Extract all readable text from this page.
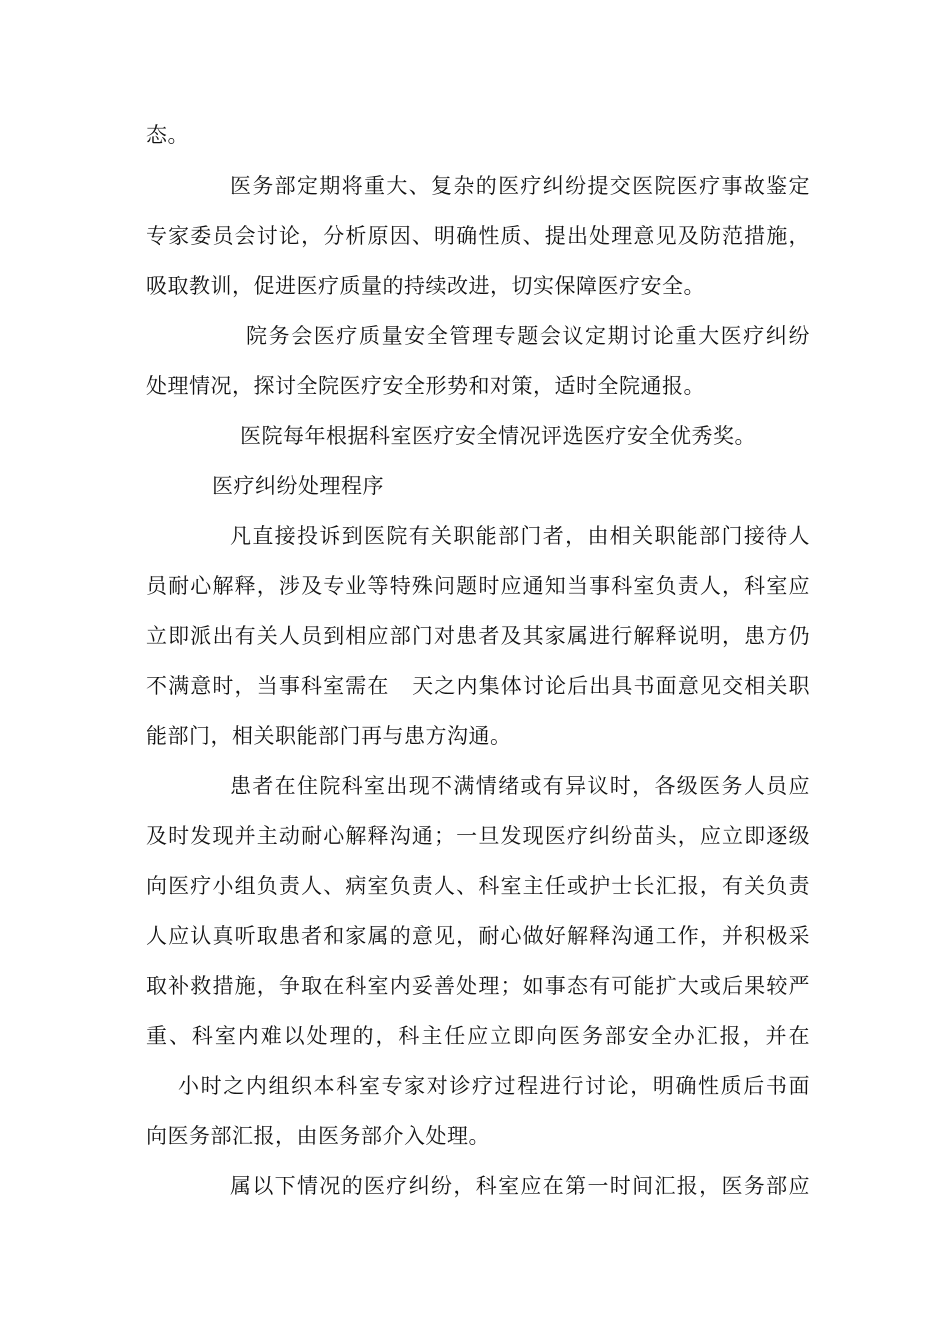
态。
医务部定期将重大、复杂的医疗纠纷提交医院医疗事故鉴定
专家委员会讨论，分析原因、明确性质、提出处理意见及防范措施，
吸取教训，促进医疗质量的持续改进，切实保障医疗安全。
院务会医疗质量安全管理专题会议定期讨论重大医疗纠纷
处理情况，探讨全院医疗安全形势和对策，适时全院通报。
医院每年根据科室医疗安全情况评选医疗安全优秀奖。
医疗纠纷处理程序
凡直接投诉到医院有关职能部门者，由相关职能部门接待人
员耐心解释，涉及专业等特殊问题时应通知当事科室负责人，科室应
立即派出有关人员到相应部门对患者及其家属进行解释说明，患方仍
不满意时，当事科室需在 天之内集体讨论后出具书面意见交相关职
能部门，相关职能部门再与患方沟通。
患者在住院科室出现不满情绪或有异议时，各级医务人员应
及时发现并主动耐心解释沟通；一旦发现医疗纠纷苗头，应立即逐级
向医疗小组负责人、病室负责人、科室主任或护士长汇报，有关负责
人应认真听取患者和家属的意见，耐心做好解释沟通工作，并积极采
取补救措施，争取在科室内妥善处理；如事态有可能扩大或后果较严
重、科室内难以处理的，科主任应立即向医务部安全办汇报，并在
小时之内组织本科室专家对诊疗过程进行讨论，明确性质后书面
向医务部汇报，由医务部介入处理。
属以下情况的医疗纠纷，科室应在第一时间汇报，医务部应
